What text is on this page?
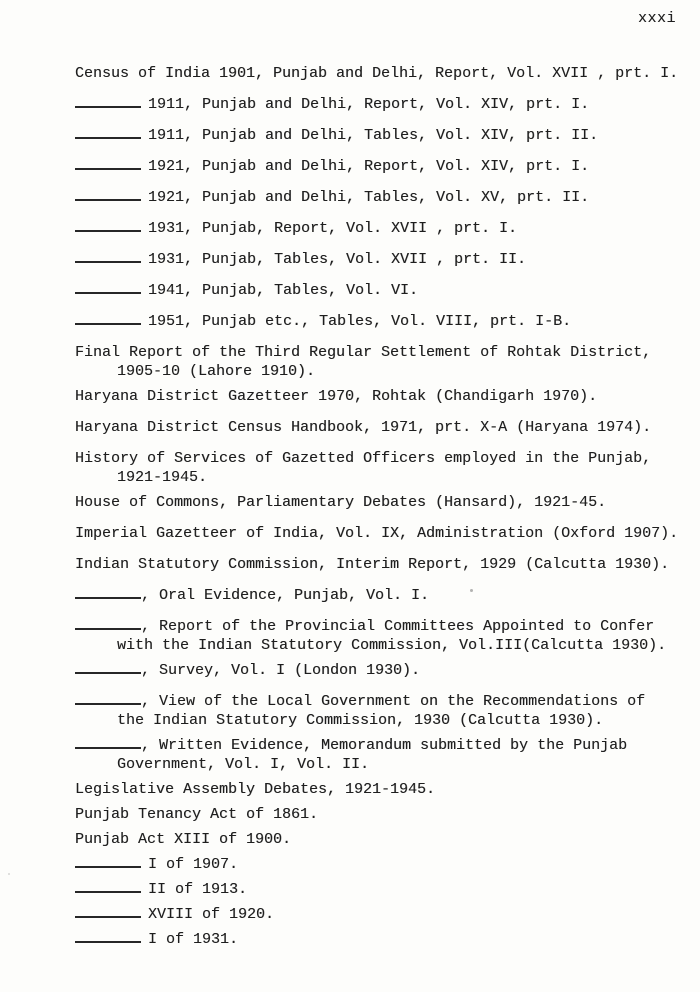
xxxi
Census of India 1901, Punjab and Delhi, Report, Vol. XVII , prt. I.
1911, Punjab and Delhi, Report, Vol. XIV, prt. I.
1911, Punjab and Delhi, Tables, Vol. XIV, prt. II.
1921, Punjab and Delhi, Report, Vol. XIV, prt. I.
1921, Punjab and Delhi, Tables, Vol. XV, prt. II.
1931, Punjab, Report, Vol. XVII , prt. I.
1931, Punjab, Tables, Vol. XVII , prt. II.
1941, Punjab, Tables, Vol. VI.
1951, Punjab etc., Tables, Vol. VIII, prt. I-B.
Final Report of the Third Regular Settlement of Rohtak District,
1905-10 (Lahore 1910).
Haryana District Gazetteer 1970, Rohtak (Chandigarh 1970).
Haryana District Census Handbook, 1971, prt. X-A (Haryana 1974).
History of Services of Gazetted Officers employed in the Punjab,
1921-1945.
House of Commons, Parliamentary Debates (Hansard), 1921-45.
Imperial Gazetteer of India, Vol. IX, Administration (Oxford 1907).
Indian Statutory Commission, Interim Report, 1929 (Calcutta 1930).
, Oral Evidence, Punjab, Vol. I.
, Report of the Provincial Committees Appointed to Confer
with the Indian Statutory Commission, Vol.III(Calcutta 1930).
, Survey, Vol. I (London 1930).
, View of the Local Government on the Recommendations of
the Indian Statutory Commission, 1930 (Calcutta 1930).
, Written Evidence, Memorandum submitted by the Punjab
Government, Vol. I, Vol. II.
Legislative Assembly Debates, 1921-1945.
Punjab Tenancy Act of 1861.
Punjab Act XIII of 1900.
I of 1907.
II of 1913.
XVIII of 1920.
I of 1931.
